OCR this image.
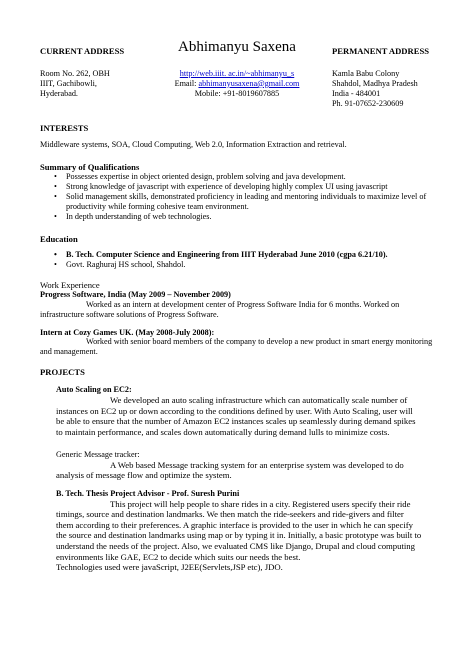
CURRENT ADDRESS	Abhimanyu Saxena	PERMANENT ADDRESS
Room No. 262, OBH
IIIT, Gachibowli,
Hyderabad.
http://web.iiit. ac.in/~abhimanyu_s
Email: abhimanyusaxena@gmail.com
Mobile: +91-8019607885
Kamla Babu Colony
Shahdol, Madhya Pradesh
India - 484001
Ph. 91-07652-230609
INTERESTS
Middleware systems, SOA, Cloud Computing, Web 2.0, Information Extraction and retrieval.
Summary of Qualifications
• Possesses expertise in object oriented design, problem solving and java development.
• Strong knowledge of javascript with experience of developing highly complex UI using javascript
• Solid management skills, demonstrated proficiency in leading and mentoring individuals to maximize level of productivity while forming cohesive team environment.
• In depth understanding of web technologies.
Education
• B. Tech. Computer Science and Engineering from IIIT Hyderabad June 2010 (cgpa 6.21/10).
• Govt. Raghuraj HS school, Shahdol.
Work Experience
Progress Software, India (May 2009 – November 2009)
Worked as an intern at development center of Progress Software India for 6 months. Worked on infrastructure software solutions of Progress Software.
Intern at Cozy Games UK. (May 2008-July 2008):
Worked with senior board members of the company to develop a new product in smart energy monitoring and management.
PROJECTS
Auto Scaling on EC2:
We developed an auto scaling infrastructure which can automatically scale number of instances on EC2 up or down according to the conditions defined by user. With Auto Scaling, user will be able to ensure that the number of Amazon EC2 instances scales up seamlessly during demand spikes to maintain performance, and scales down automatically during demand lulls to minimize costs.
Generic Message tracker:
A Web based Message tracking system for an enterprise system was developed to do analysis of message flow and optimize the system.
B. Tech. Thesis Project Advisor - Prof. Suresh Purini
This project will help people to share rides in a city. Registered users specify their ride timings, source and destination landmarks. We then match the ride-seekers and ride-givers and filter them according to their preferences. A graphic interface is provided to the user in which he can specify the source and destination landmarks using map or by typing it in. Initially, a basic prototype was built to understand the needs of the project. Also, we evaluated CMS like Django, Drupal and cloud computing environments like GAE, EC2 to decide which suits our needs the best.
Technologies used were javaScript, J2EE(Servlets,JSP etc), JDO.
